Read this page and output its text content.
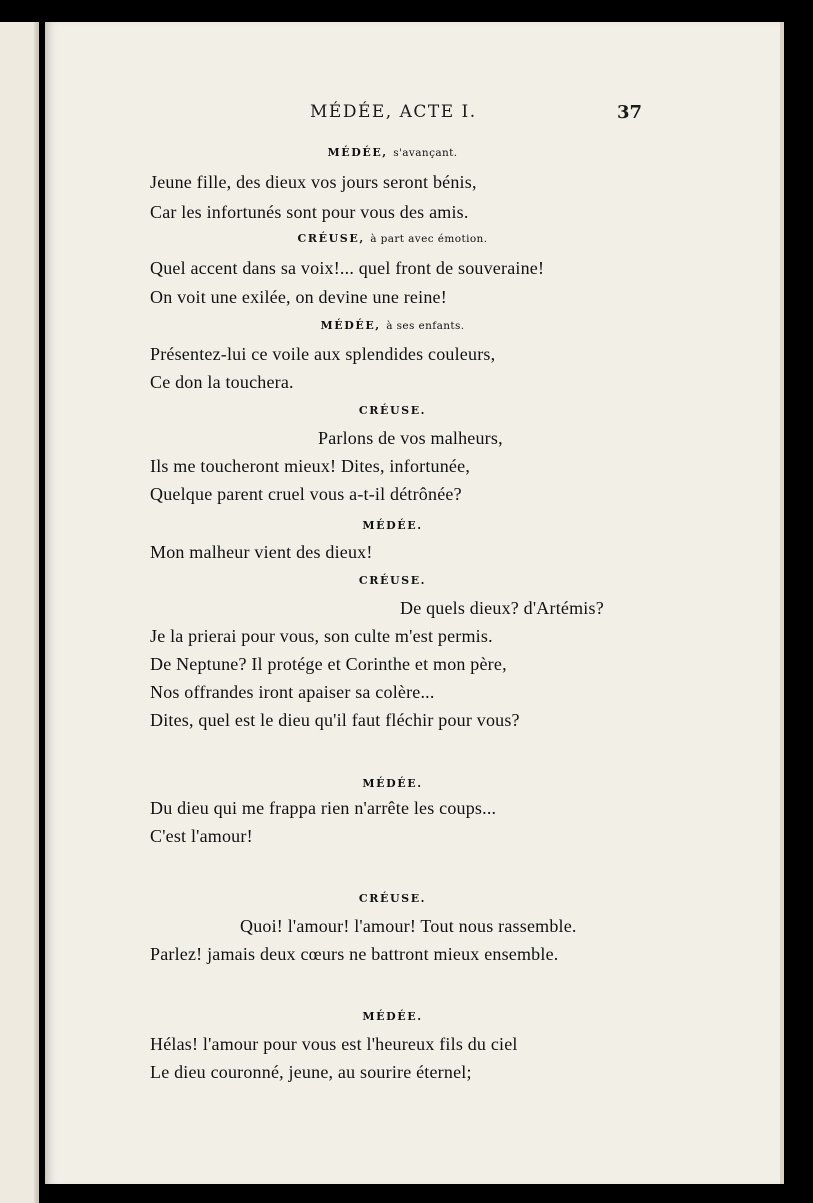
MÉDÉE, ACTE I.	37
MÉDÉE, s'avançant.
Jeune fille, des dieux vos jours seront bénis,
Car les infortunés sont pour vous des amis.
CRÉUSE, à part avec émotion.
Quel accent dans sa voix!... quel front de souveraine!
On voit une exilée, on devine une reine!
MÉDÉE, à ses enfants.
Présentez-lui ce voile aux splendides couleurs,
Ce don la touchera.
CRÉUSE.
Parlons de vos malheurs,
Ils me toucheront mieux! Dites, infortunée,
Quelque parent cruel vous a-t-il détrônée?
MÉDÉE.
Mon malheur vient des dieux!
CRÉUSE.
De quels dieux? d'Artémis?
Je la prierai pour vous, son culte m'est permis.
De Neptune? Il protége et Corinthe et mon père,
Nos offrandes iront apaiser sa colère...
Dites, quel est le dieu qu'il faut fléchir pour vous?
MÉDÉE.
Du dieu qui me frappa rien n'arrête les coups...
C'est l'amour!
CRÉUSE.
Quoi! l'amour! l'amour! Tout nous rassemble.
Parlez! jamais deux cœurs ne battront mieux ensemble.
MÉDÉE.
Hélas! l'amour pour vous est l'heureux fils du ciel
Le dieu couronné, jeune, au sourire éternel;
